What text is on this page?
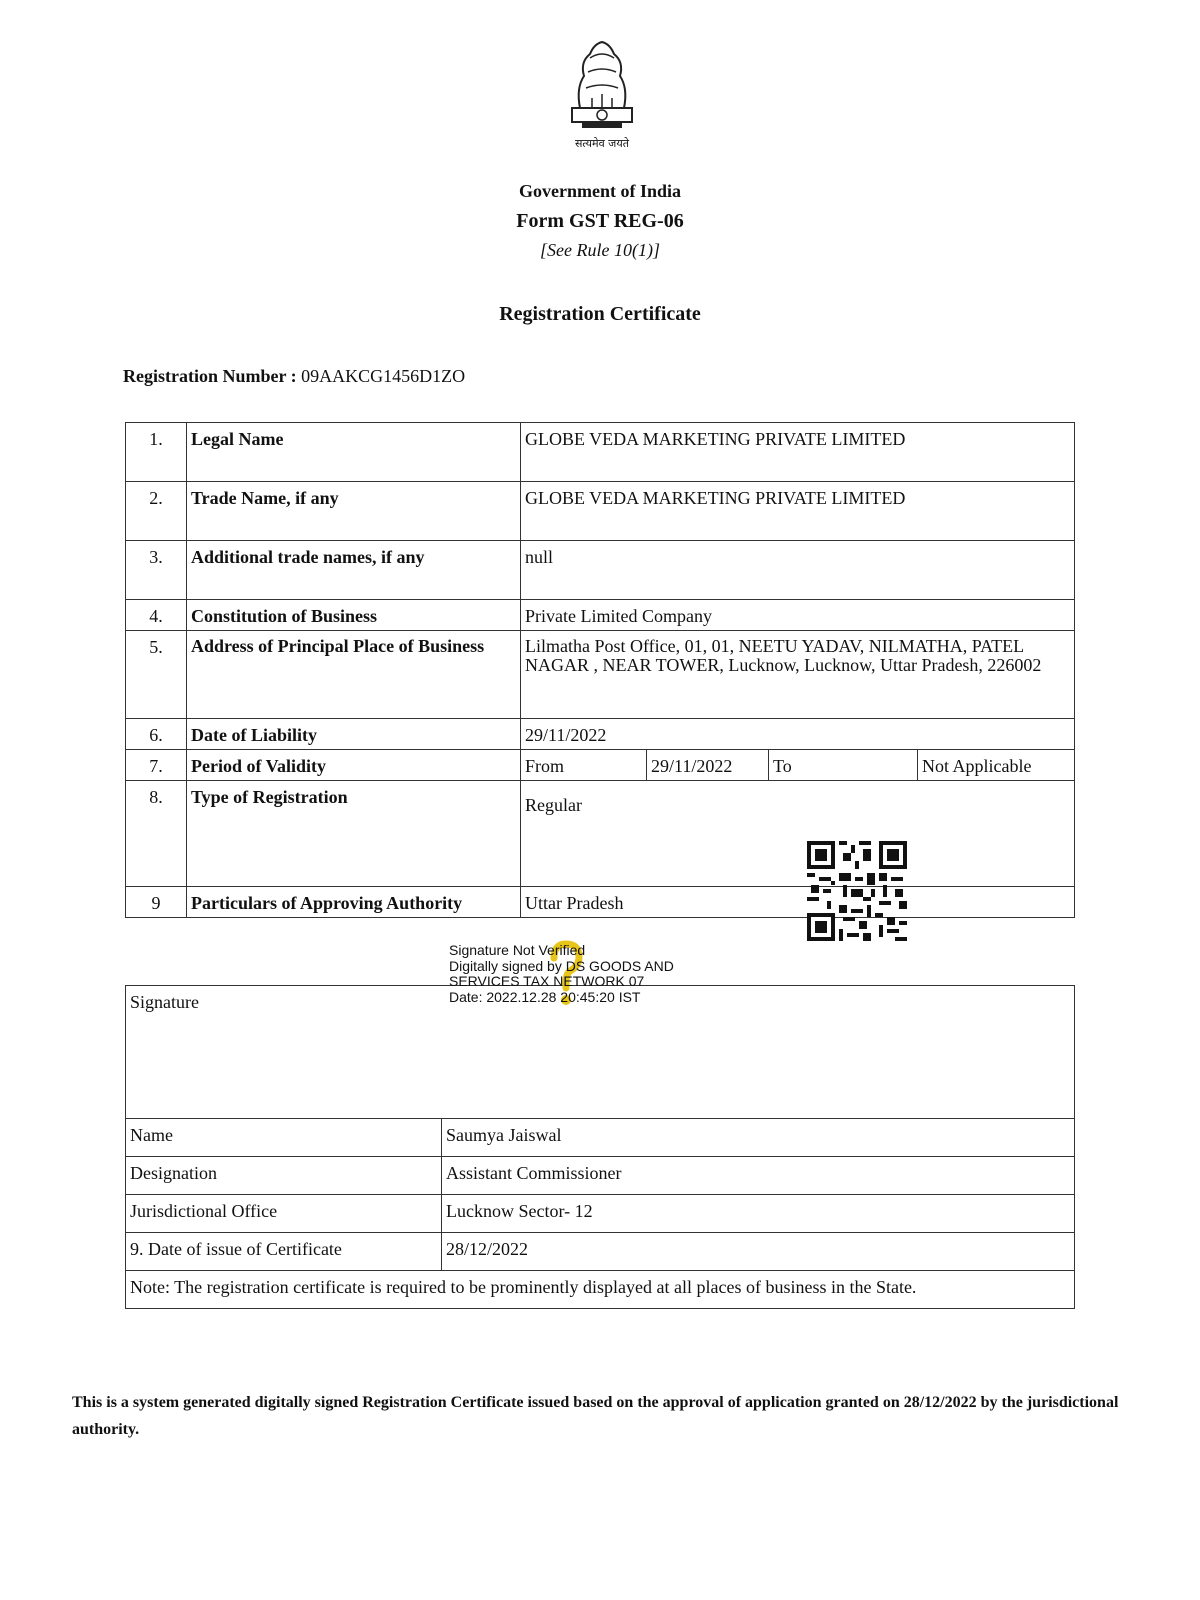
सत्यमेव जयते
Government of India
Form GST REG-06
[See Rule 10(1)]
Registration Certificate
Registration Number : 09AAKCG1456D1ZO
1.	Legal Name	GLOBE VEDA MARKETING PRIVATE LIMITED			
2.	Trade Name, if any	GLOBE VEDA MARKETING PRIVATE LIMITED			
3.	Additional trade names, if any	null			
4.	Constitution of Business	Private Limited Company			
5.	Address of Principal Place of Business	Lilmatha Post Office, 01, 01, NEETU YADAV, NILMATHA, PATEL NAGAR , NEAR TOWER, Lucknow, Lucknow, Uttar Pradesh, 226002			
6.	Date of Liability	29/11/2022			
7.	Period of Validity	From	29/11/2022	To	Not Applicable
8.	Type of Registration	Regular			
9	Particulars of Approving Authority	Uttar Pradesh			
Signature	
Name	Saumya Jaiswal
Designation	Assistant Commissioner
Jurisdictional Office	Lucknow Sector- 12
9. Date of issue of Certificate	28/12/2022
Note: The registration certificate is required to be prominently displayed at all places of business in the State.	
Signature Not Verified
Digitally signed by DS GOODS AND
SERVICES TAX NETWORK 07
Date: 2022.12.28 20:45:20 IST
This is a system generated digitally signed Registration Certificate issued based on the approval of application granted on 28/12/2022 by the jurisdictional authority.
